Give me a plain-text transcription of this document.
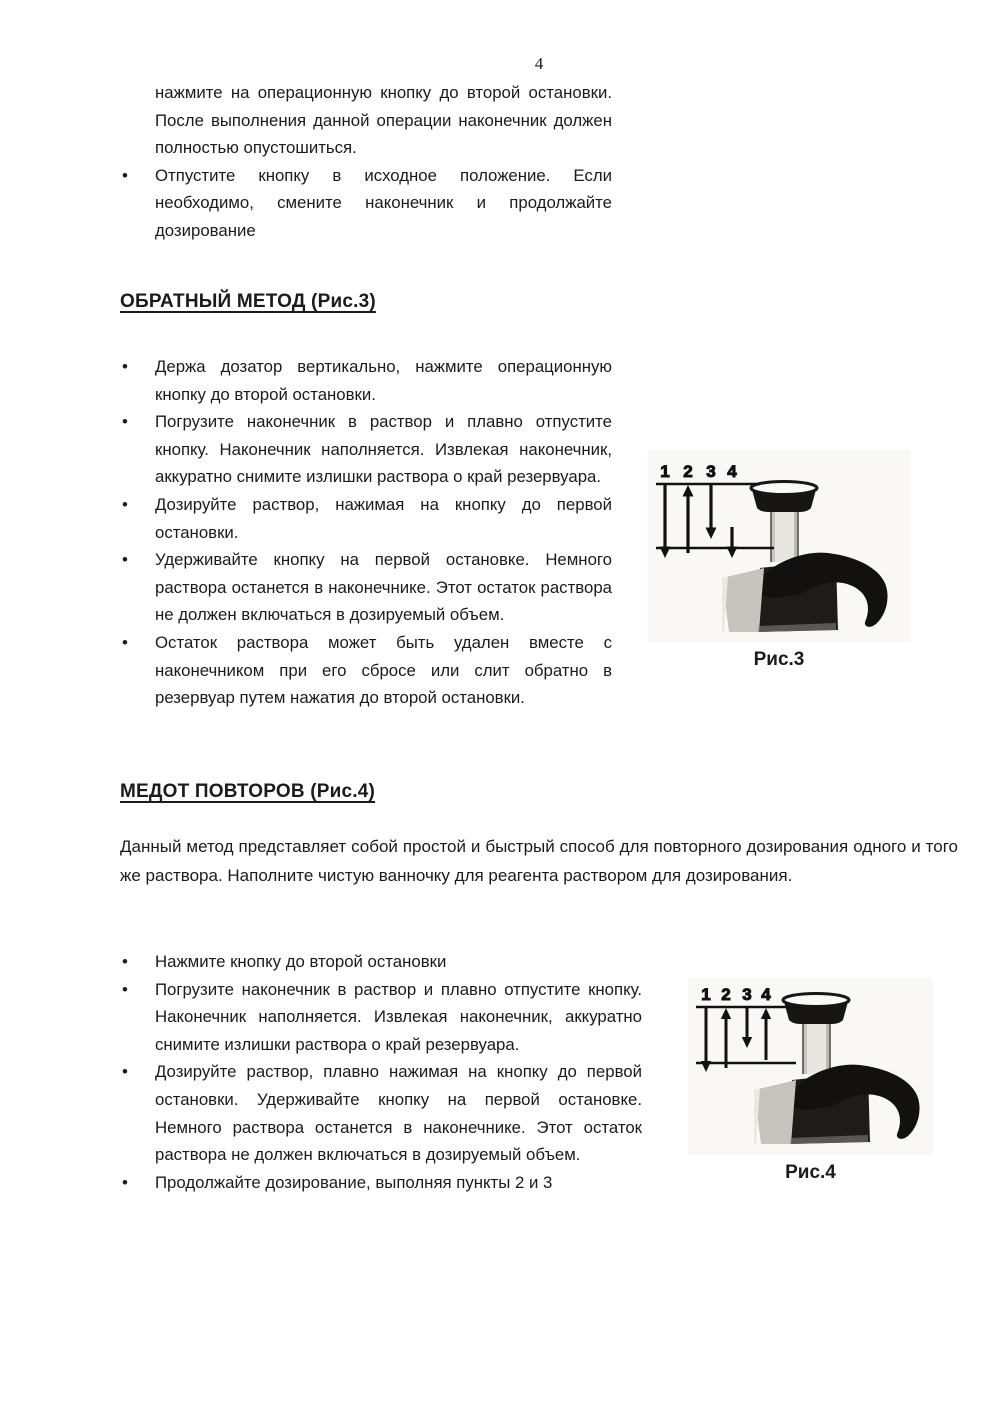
4

нажмите на операционную кнопку до второй остановки. После выполнения данной операции наконечник должен полностью опустошиться.

• Отпустите кнопку в исходное положение. Если необходимо, смените наконечник и продолжайте дозирование
ОБРАТНЫЙ МЕТОД (Рис.3)
• Держа дозатор вертикально, нажмите операционную кнопку до второй остановки.
• Погрузите наконечник в раствор и плавно отпустите кнопку. Наконечник наполняется. Извлекая наконечник, аккуратно снимите излишки раствора о край резервуара.
• Дозируйте раствор, нажимая на кнопку до первой остановки.
• Удерживайте кнопку на первой остановке. Немного раствора останется в наконечнике. Этот остаток раствора не должен включаться в дозируемый объем.
• Остаток раствора может быть удален вместе с наконечником при его сбросе или слит обратно в резервуар путем нажатия до второй остановки.
1 2 3 4
Рис.3
МЕДОТ ПОВТОРОВ (Рис.4)

Данный метод представляет собой простой и быстрый способ для повторного дозирования одного и того же раствора. Наполните чистую ванночку для реагента раствором для дозирования.

• Нажмите кнопку до второй остановки
• Погрузите наконечник в раствор и плавно отпустите кнопку. Наконечник наполняется. Извлекая наконечник, аккуратно снимите излишки раствора о край резервуара.
• Дозируйте раствор, плавно нажимая на кнопку до первой остановки. Удерживайте кнопку на первой остановке. Немного раствора останется в наконечнике. Этот остаток раствора не должен включаться в дозируемый объем.
• Продолжайте дозирование, выполняя пункты 2 и 3
1 2 3 4
Рис.4
